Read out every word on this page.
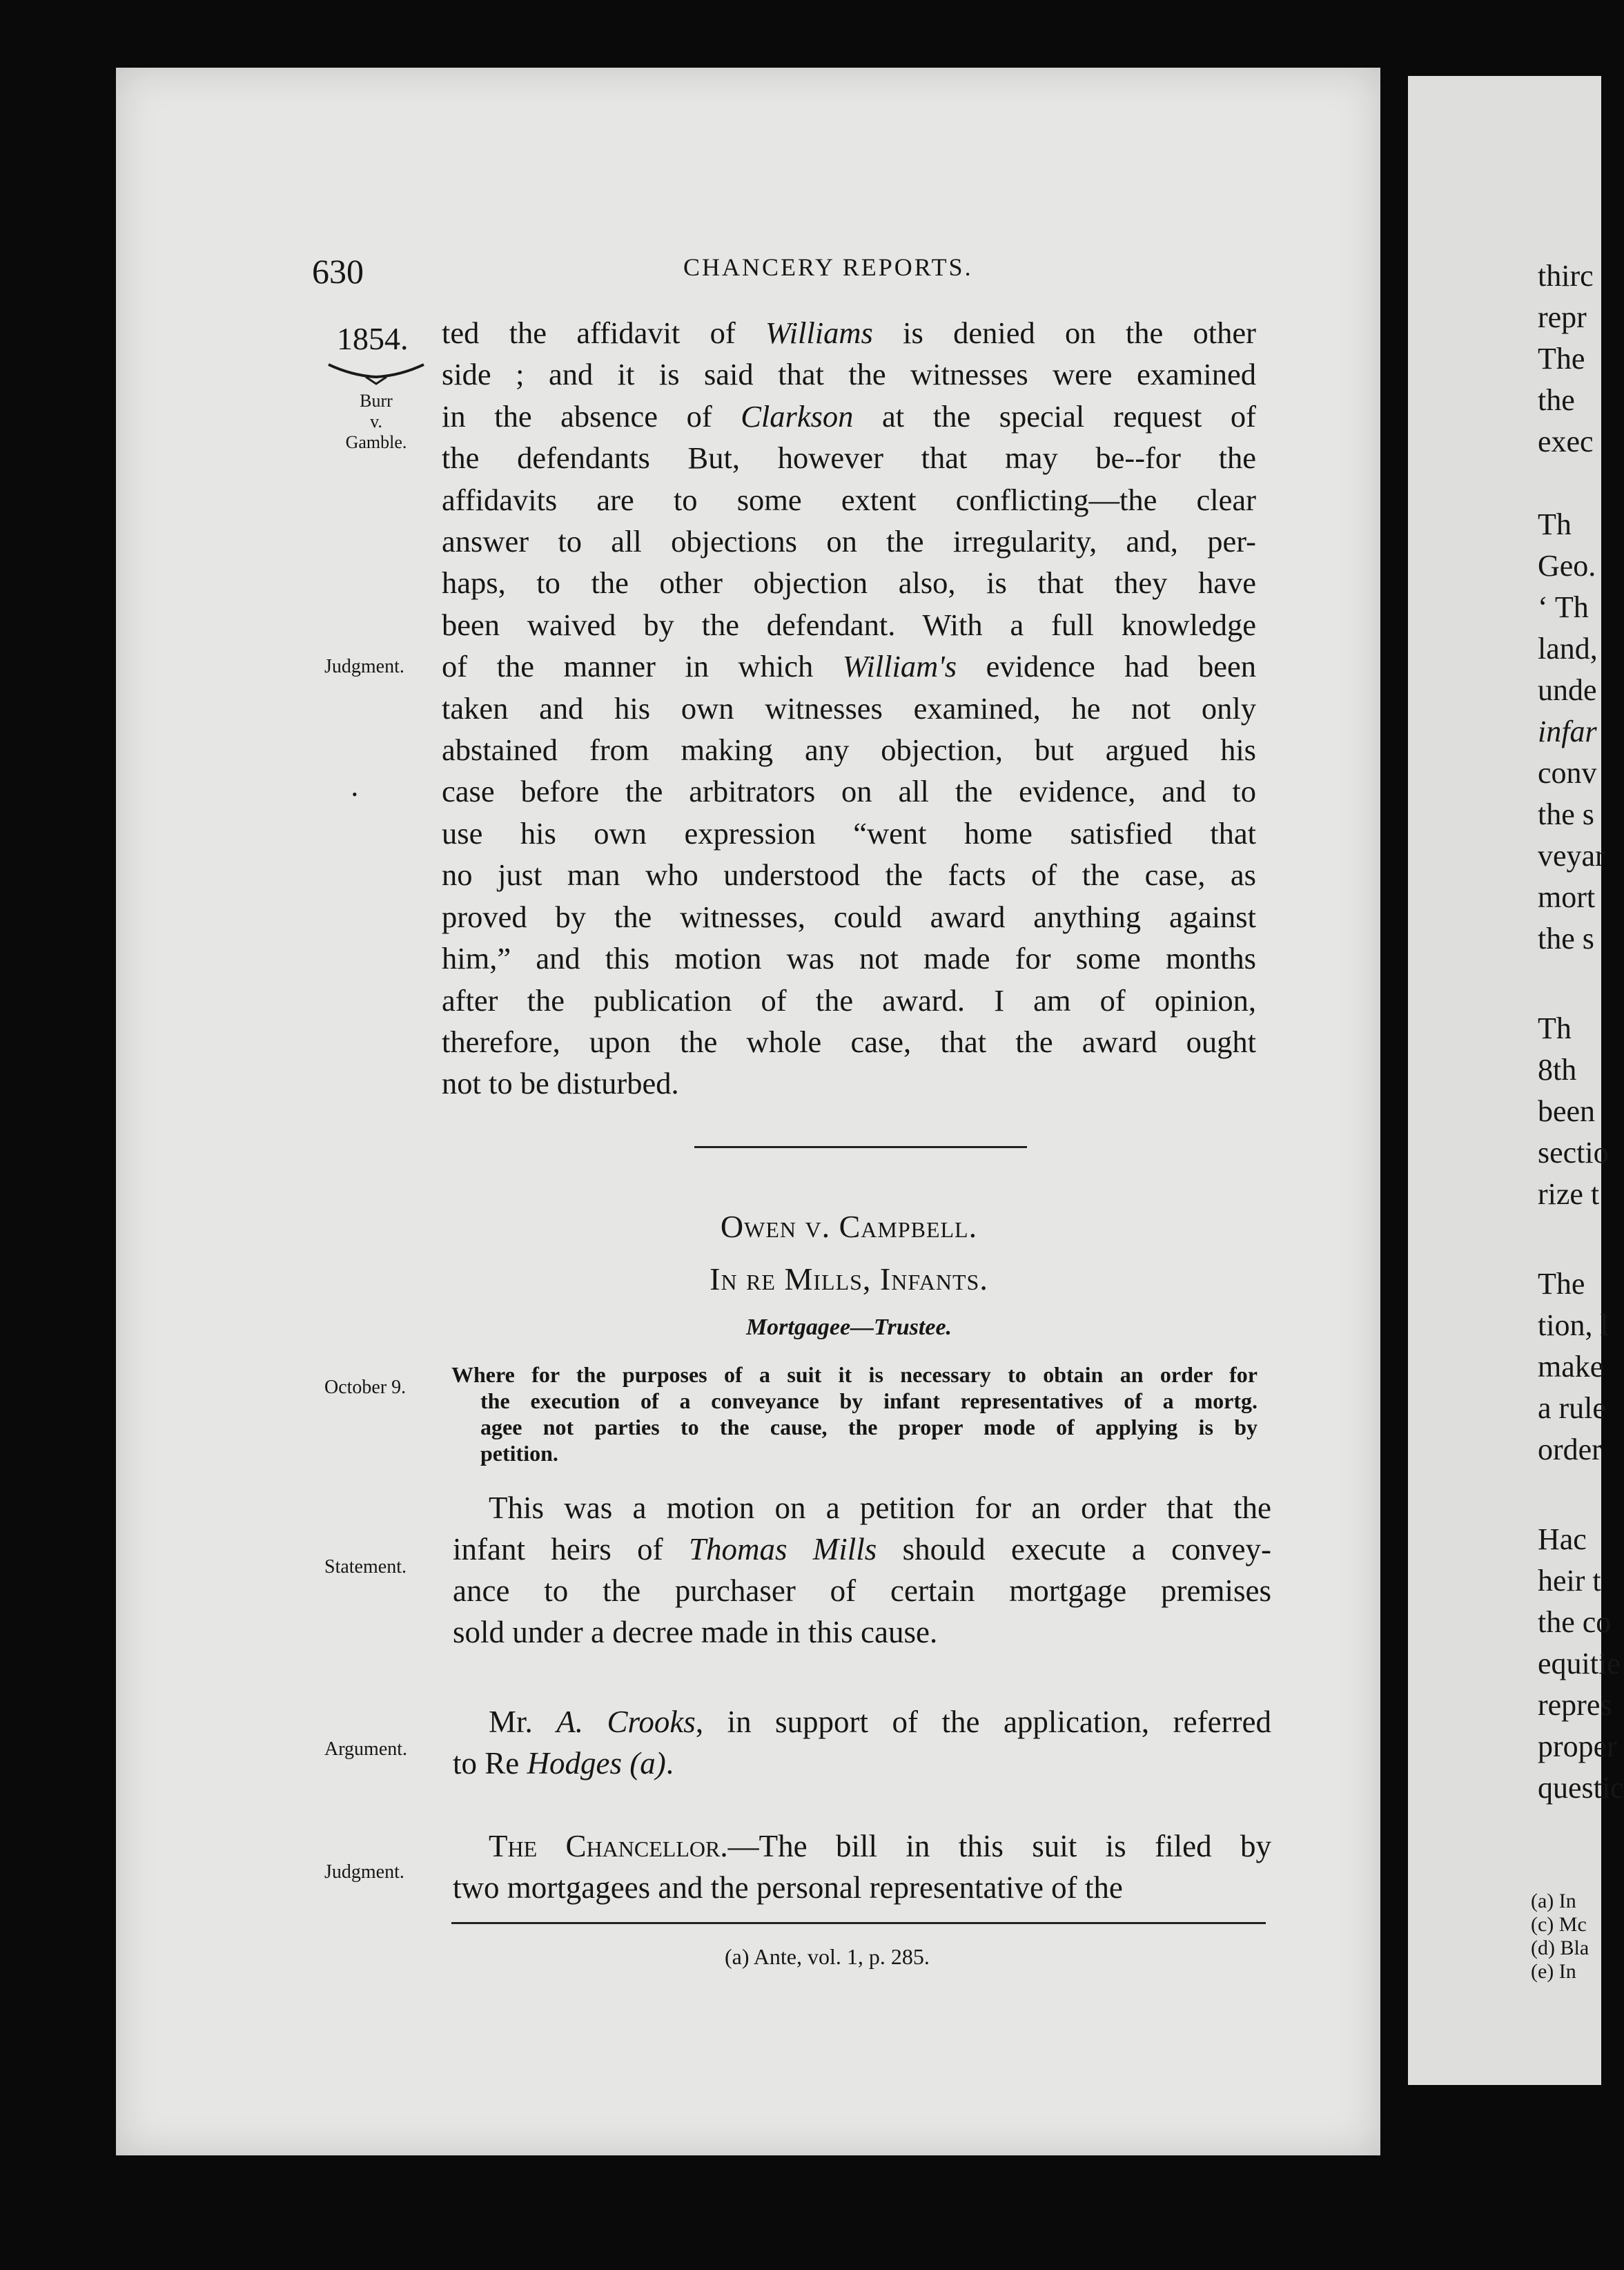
thirc
repr
The
the
exec
Th
Geo.
‘ Th
land,
unde
infar
conv
the s
veyar
mort
the s
Th
8th
been
sectio
rize t
The
tion, l
make
a rule
order
Hac
heir t
the co
equitie
repres
proper
questic
(a) In
(c) Mc
(d) Bla
(e) In
630	CHANCERY REPORTS.
1854.
Burr
v.
Gamble.
Judgment.
•
October 9.
Statement.
Argument.
Judgment.
ted the affidavit of Williams is denied on the other
side ; and it is said that the witnesses were examined
in the absence of Clarkson at the special request of
the defendants But, however that may be--for the
affidavits are to some extent conflicting—the clear
answer to all objections on the irregularity, and, per-
haps, to the other objection also, is that they have
been waived by the defendant. With a full knowledge
of the manner in which William's evidence had been
taken and his own witnesses examined, he not only
abstained from making any objection, but argued his
case before the arbitrators on all the evidence, and to
use his own expression “went home satisfied that
no just man who understood the facts of the case, as
proved by the witnesses, could award anything against
him,” and this motion was not made for some months
after the publication of the award. I am of opinion,
therefore, upon the whole case, that the award ought
not to be disturbed.
Owen v. Campbell.
In re Mills, Infants.
Mortgagee—Trustee.
Where for the purposes of a suit it is necessary to obtain an order for
the execution of a conveyance by infant representatives of a mortg.
agee not parties to the cause, the proper mode of applying is by
petition.
This was a motion on a petition for an order that the
infant heirs of Thomas Mills should execute a convey-
ance to the purchaser of certain mortgage premises
sold under a decree made in this cause.
Mr. A. Crooks, in support of the application, referred
to Re Hodges (a).
The Chancellor.—The bill in this suit is filed by
two mortgagees and the personal representative of the
(a) Ante, vol. 1, p. 285.
